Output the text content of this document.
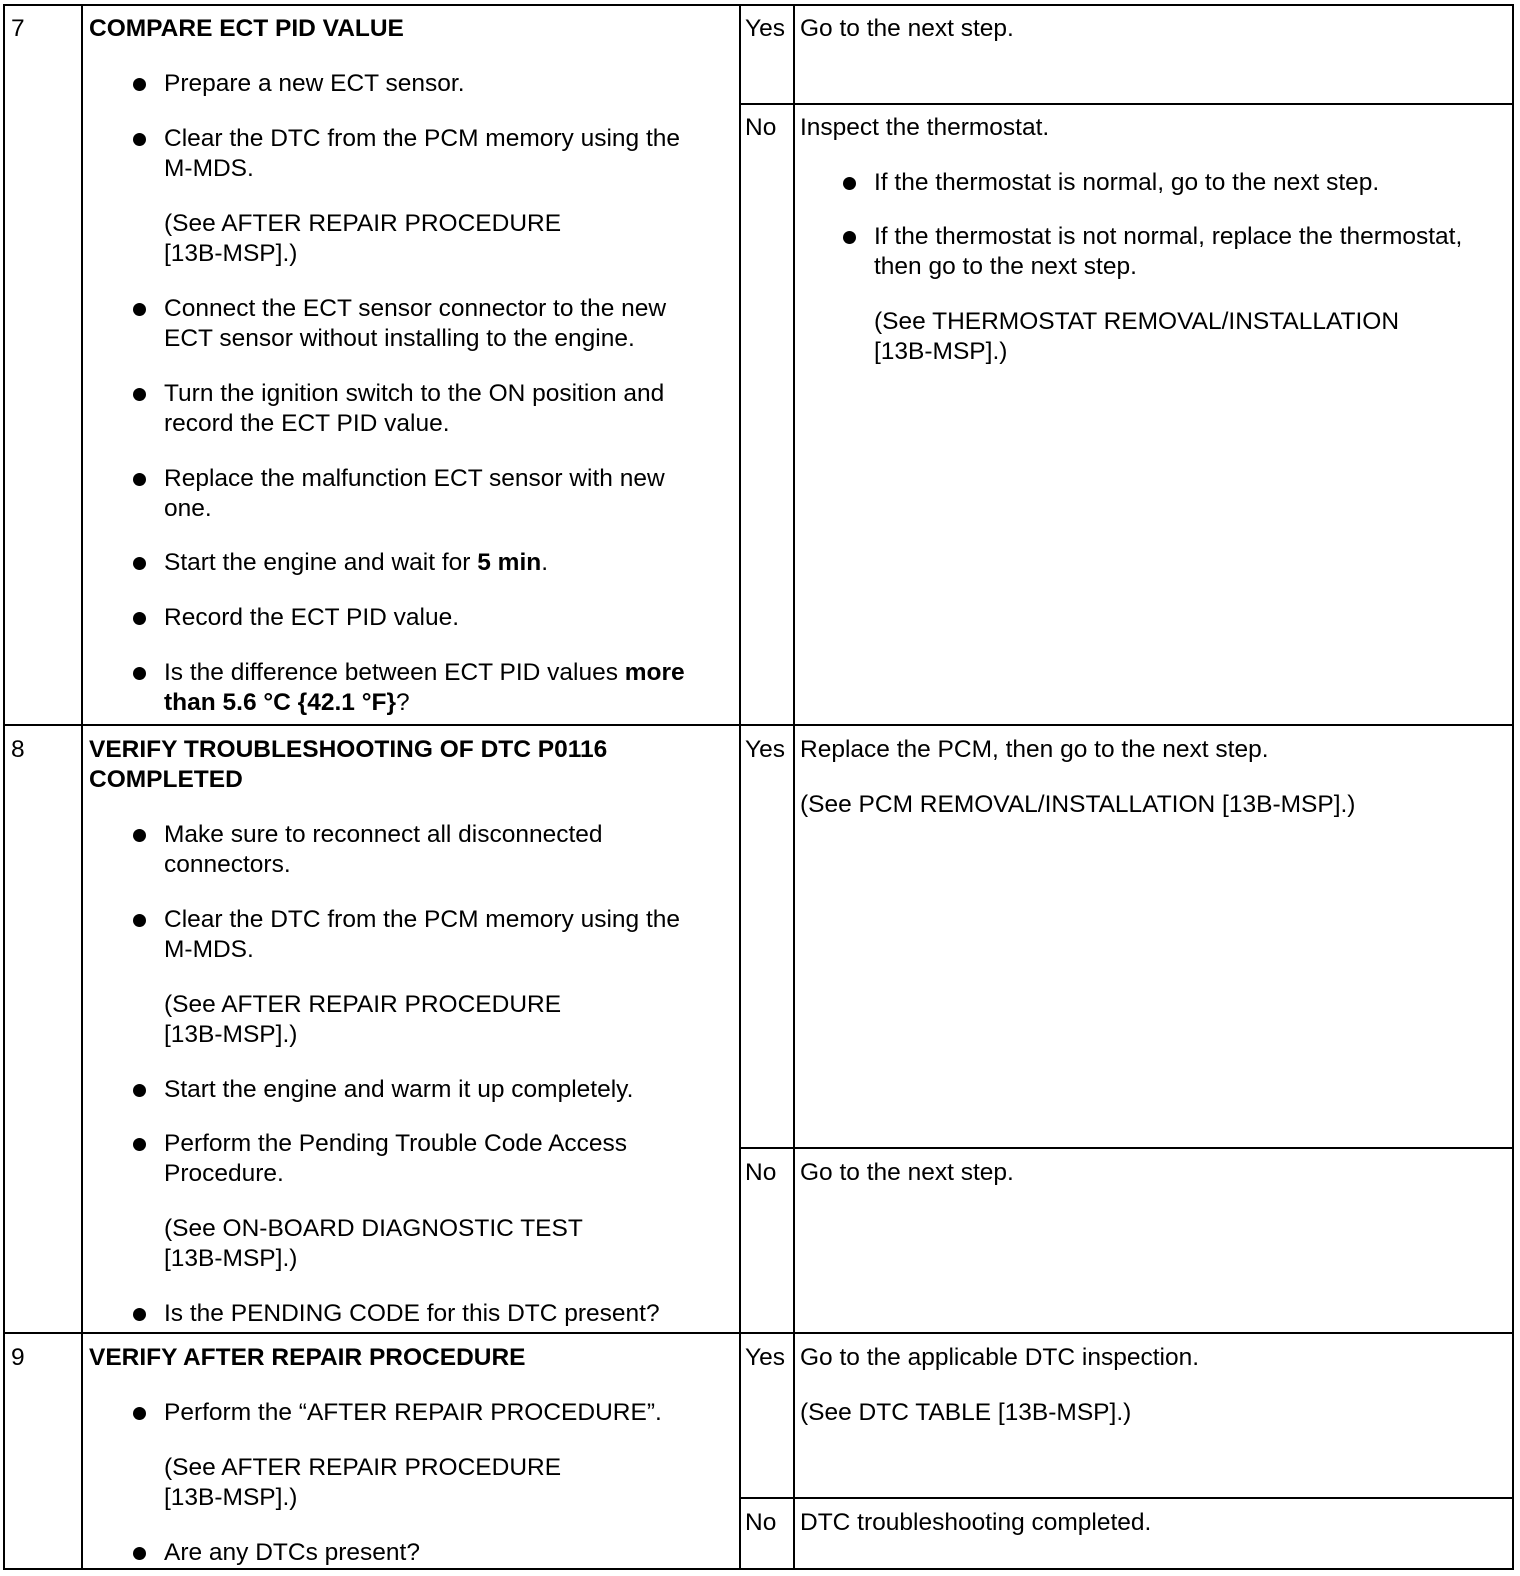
7	COMPARE ECT PID VALUE
Prepare a new ECT sensor.
Clear the DTC from the PCM memory using the
M-MDS.
(See AFTER REPAIR PROCEDURE
[13B-MSP].)
Connect the ECT sensor connector to the new
ECT sensor without installing to the engine.
Turn the ignition switch to the ON position and
record the ECT PID value.
Replace the malfunction ECT sensor with new
one.
Start the engine and wait for 5 min.
Record the ECT PID value.
Is the difference between ECT PID values more
than 5.6 °C {42.1 °F}?
Yes Go to the next step.
No Inspect the thermostat.
If the thermostat is normal, go to the next step.
If the thermostat is not normal, replace the thermostat,
then go to the next step.
(See THERMOSTAT REMOVAL/INSTALLATION
[13B-MSP].)
8	VERIFY TROUBLESHOOTING OF DTC P0116
COMPLETED
Make sure to reconnect all disconnected
connectors.
Clear the DTC from the PCM memory using the
M-MDS.
(See AFTER REPAIR PROCEDURE
[13B-MSP].)
Start the engine and warm it up completely.
Perform the Pending Trouble Code Access
Procedure.
(See ON-BOARD DIAGNOSTIC TEST
[13B-MSP].)
Is the PENDING CODE for this DTC present?
Yes Replace the PCM, then go to the next step.
(See PCM REMOVAL/INSTALLATION [13B-MSP].)
No Go to the next step.
9	VERIFY AFTER REPAIR PROCEDURE
Perform the “AFTER REPAIR PROCEDURE”.
(See AFTER REPAIR PROCEDURE
[13B-MSP].)
Are any DTCs present?
Yes Go to the applicable DTC inspection.
(See DTC TABLE [13B-MSP].)
No DTC troubleshooting completed.
